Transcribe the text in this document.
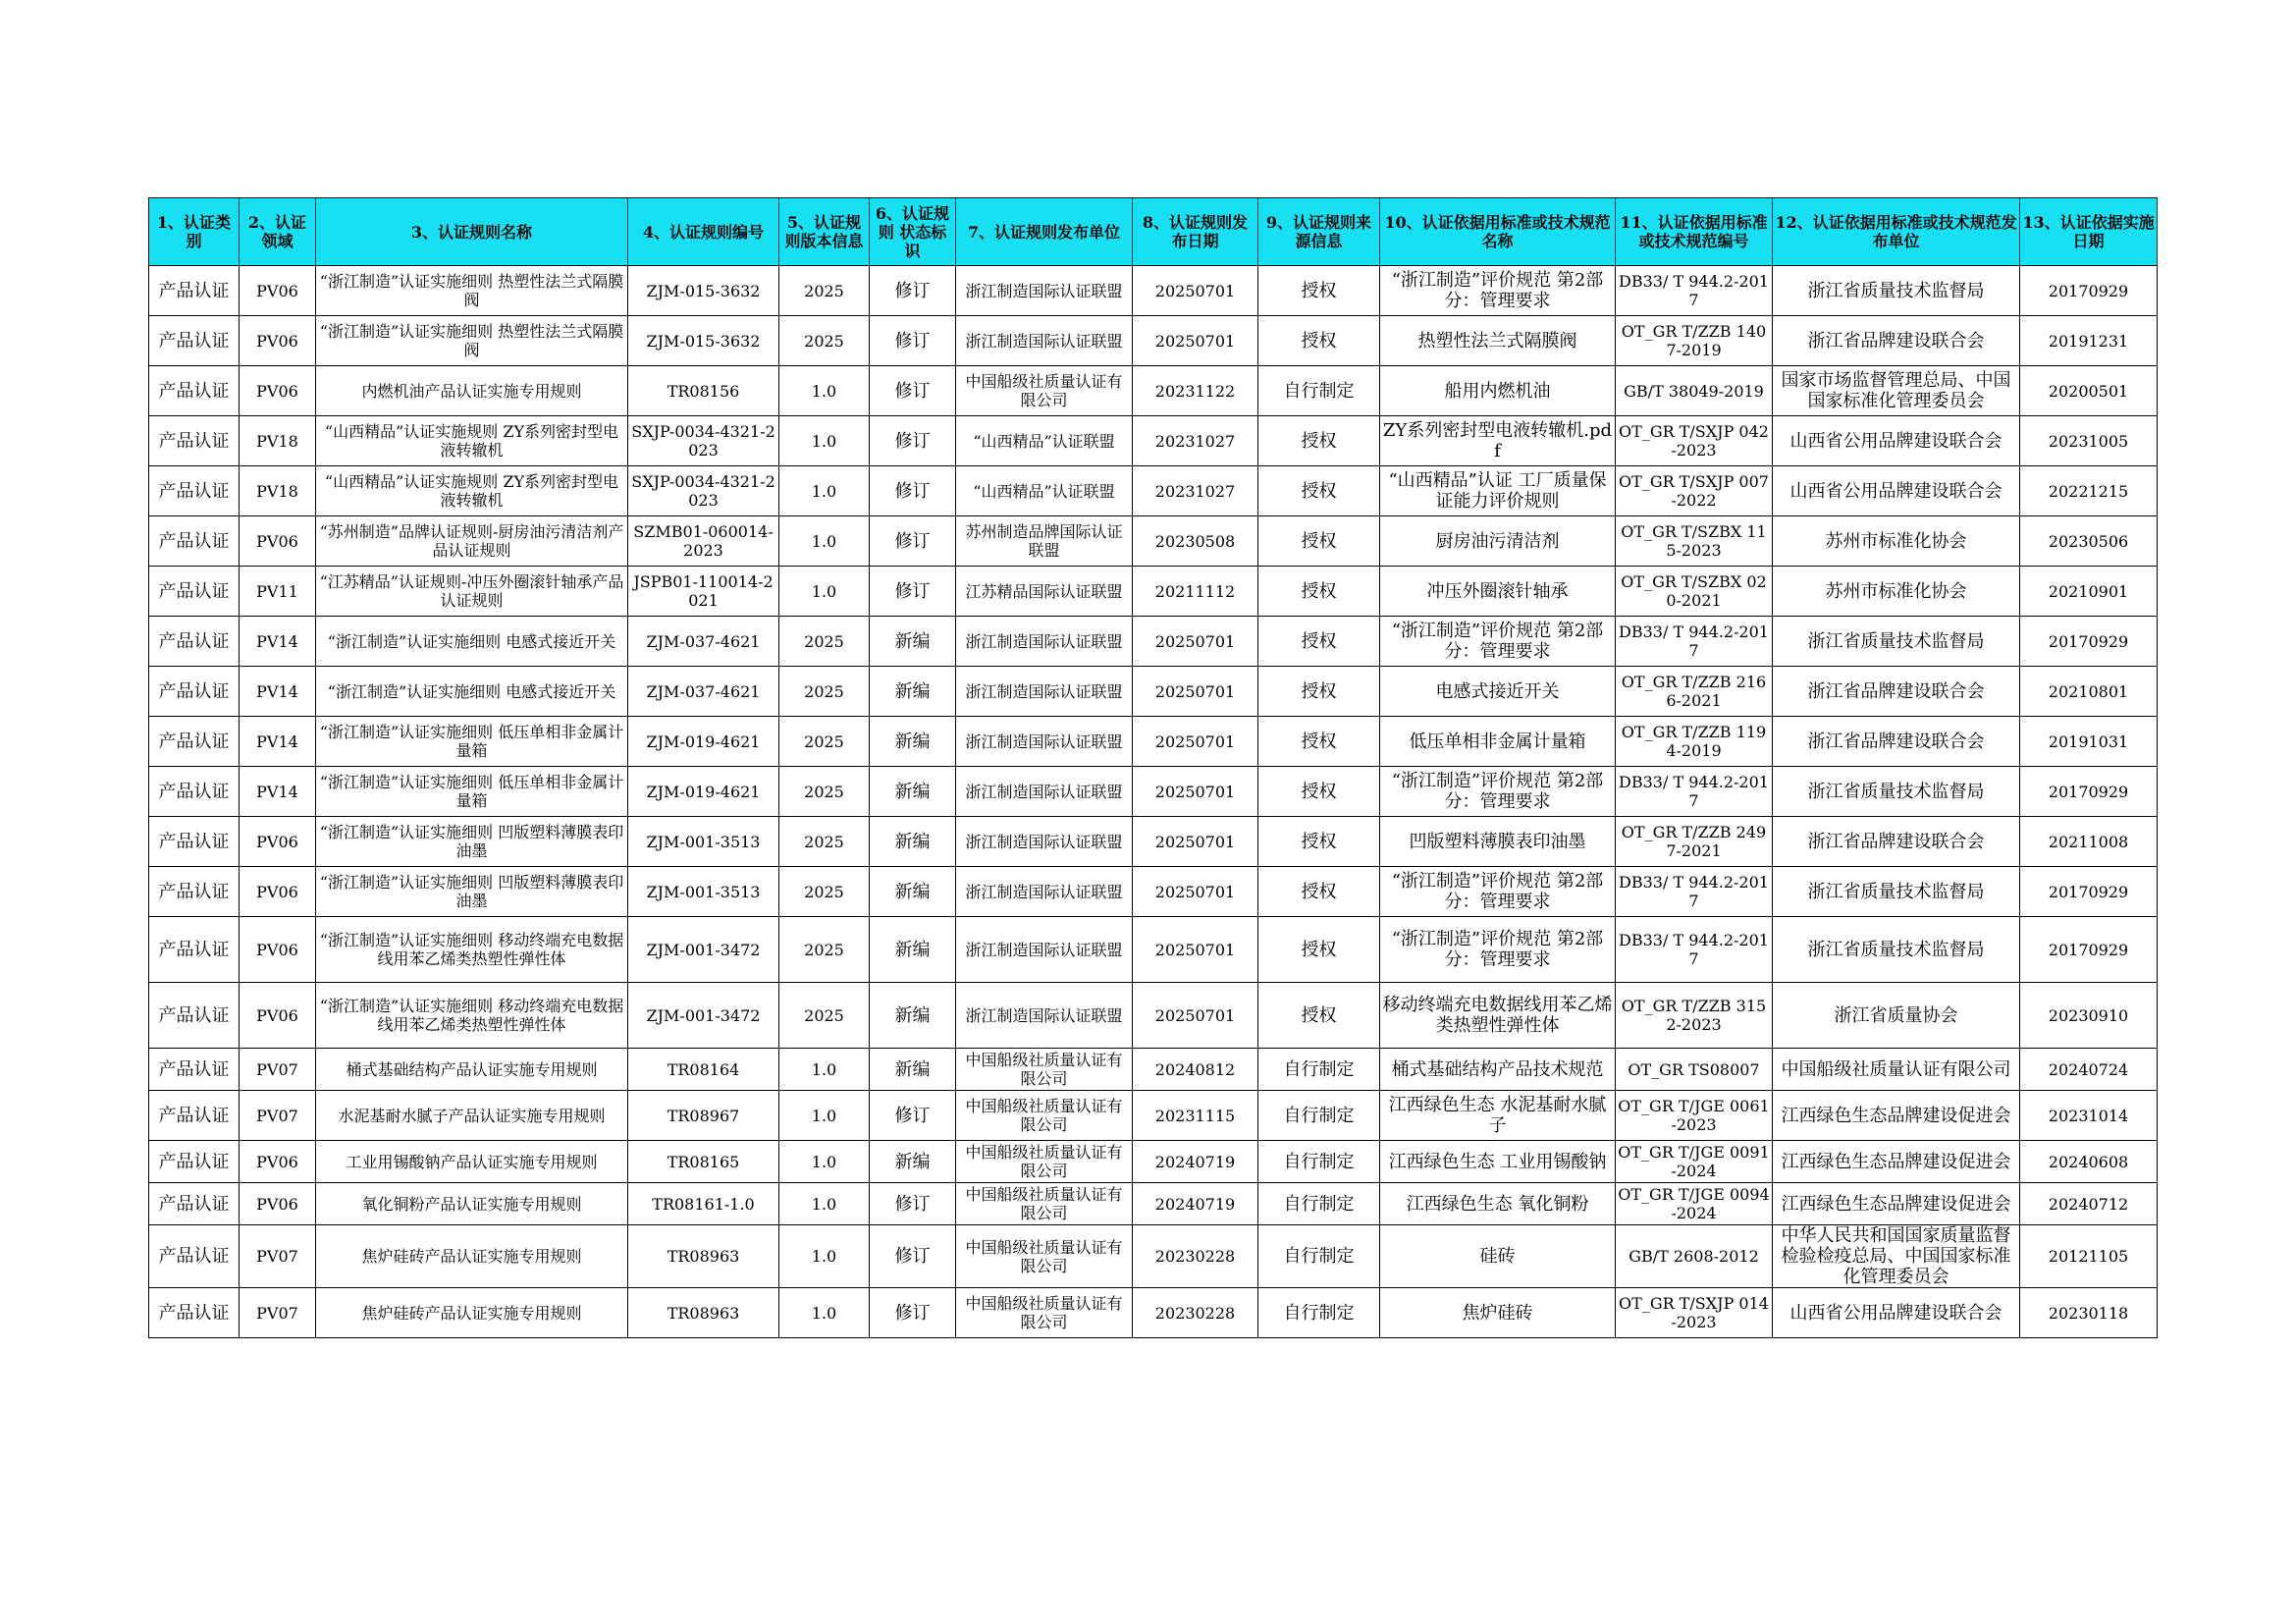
1、认证类别	2、认证领域	3、认证规则名称	4、认证规则编号	5、认证规则版本信息	6、认证规则 状态标识	7、认证规则发布单位	8、认证规则发布日期	9、认证规则来源信息	10、认证依据用标准或技术规范名称	11、认证依据用标准或技术规范编号	12、认证依据用标准或技术规范发布单位	13、认证依据实施日期
产品认证	PV06	“浙江制造”认证实施细则 热塑性法兰式隔膜阀	ZJM-015-3632	2025	修订	浙江制造国际认证联盟	20250701	授权	“浙江制造”评价规范 第2部分：管理要求	DB33/ T 944.2-2017	浙江省质量技术监督局	20170929
产品认证	PV06	“浙江制造”认证实施细则 热塑性法兰式隔膜阀	ZJM-015-3632	2025	修订	浙江制造国际认证联盟	20250701	授权	热塑性法兰式隔膜阀	OT_GR T/ZZB 1407-2019	浙江省品牌建设联合会	20191231
产品认证	PV06	内燃机油产品认证实施专用规则	TR08156	1.0	修订	中国船级社质量认证有限公司	20231122	自行制定	船用内燃机油	GB/T 38049-2019	国家市场监督管理总局、中国国家标准化管理委员会	20200501
产品认证	PV18	“山西精品”认证实施规则 ZY系列密封型电液转辙机	SXJP-0034-4321-2023	1.0	修订	“山西精品”认证联盟	20231027	授权	ZY系列密封型电液转辙机.pdf	OT_GR T/SXJP 042-2023	山西省公用品牌建设联合会	20231005
产品认证	PV18	“山西精品”认证实施规则 ZY系列密封型电液转辙机	SXJP-0034-4321-2023	1.0	修订	“山西精品”认证联盟	20231027	授权	“山西精品”认证 工厂质量保证能力评价规则	OT_GR T/SXJP 007-2022	山西省公用品牌建设联合会	20221215
产品认证	PV06	“苏州制造”品牌认证规则-厨房油污清洁剂产品认证规则	SZMB01-060014-2023	1.0	修订	苏州制造品牌国际认证联盟	20230508	授权	厨房油污清洁剂	OT_GR T/SZBX 115-2023	苏州市标准化协会	20230506
产品认证	PV11	“江苏精品”认证规则-冲压外圈滚针轴承产品认证规则	JSPB01-110014-2021	1.0	修订	江苏精品国际认证联盟	20211112	授权	冲压外圈滚针轴承	OT_GR T/SZBX 020-2021	苏州市标准化协会	20210901
产品认证	PV14	“浙江制造”认证实施细则 电感式接近开关	ZJM-037-4621	2025	新编	浙江制造国际认证联盟	20250701	授权	“浙江制造”评价规范 第2部分：管理要求	DB33/ T 944.2-2017	浙江省质量技术监督局	20170929
产品认证	PV14	“浙江制造”认证实施细则 电感式接近开关	ZJM-037-4621	2025	新编	浙江制造国际认证联盟	20250701	授权	电感式接近开关	OT_GR T/ZZB 2166-2021	浙江省品牌建设联合会	20210801
产品认证	PV14	“浙江制造”认证实施细则 低压单相非金属计量箱	ZJM-019-4621	2025	新编	浙江制造国际认证联盟	20250701	授权	低压单相非金属计量箱	OT_GR T/ZZB 1194-2019	浙江省品牌建设联合会	20191031
产品认证	PV14	“浙江制造”认证实施细则 低压单相非金属计量箱	ZJM-019-4621	2025	新编	浙江制造国际认证联盟	20250701	授权	“浙江制造”评价规范 第2部分：管理要求	DB33/ T 944.2-2017	浙江省质量技术监督局	20170929
产品认证	PV06	“浙江制造”认证实施细则 凹版塑料薄膜表印油墨	ZJM-001-3513	2025	新编	浙江制造国际认证联盟	20250701	授权	凹版塑料薄膜表印油墨	OT_GR T/ZZB 2497-2021	浙江省品牌建设联合会	20211008
产品认证	PV06	“浙江制造”认证实施细则 凹版塑料薄膜表印油墨	ZJM-001-3513	2025	新编	浙江制造国际认证联盟	20250701	授权	“浙江制造”评价规范 第2部分：管理要求	DB33/ T 944.2-2017	浙江省质量技术监督局	20170929
产品认证	PV06	“浙江制造”认证实施细则 移动终端充电数据线用苯乙烯类热塑性弹性体	ZJM-001-3472	2025	新编	浙江制造国际认证联盟	20250701	授权	“浙江制造”评价规范 第2部分：管理要求	DB33/ T 944.2-2017	浙江省质量技术监督局	20170929
产品认证	PV06	“浙江制造”认证实施细则 移动终端充电数据线用苯乙烯类热塑性弹性体	ZJM-001-3472	2025	新编	浙江制造国际认证联盟	20250701	授权	移动终端充电数据线用苯乙烯类热塑性弹性体	OT_GR T/ZZB 3152-2023	浙江省质量协会	20230910
产品认证	PV07	桶式基础结构产品认证实施专用规则	TR08164	1.0	新编	中国船级社质量认证有限公司	20240812	自行制定	桶式基础结构产品技术规范	OT_GR TS08007	中国船级社质量认证有限公司	20240724
产品认证	PV07	水泥基耐水腻子产品认证实施专用规则	TR08967	1.0	修订	中国船级社质量认证有限公司	20231115	自行制定	江西绿色生态 水泥基耐水腻子	OT_GR T/JGE 0061-2023	江西绿色生态品牌建设促进会	20231014
产品认证	PV06	工业用锡酸钠产品认证实施专用规则	TR08165	1.0	新编	中国船级社质量认证有限公司	20240719	自行制定	江西绿色生态 工业用锡酸钠	OT_GR T/JGE 0091-2024	江西绿色生态品牌建设促进会	20240608
产品认证	PV06	氧化铜粉产品认证实施专用规则	TR08161-1.0	1.0	修订	中国船级社质量认证有限公司	20240719	自行制定	江西绿色生态 氧化铜粉	OT_GR T/JGE 0094-2024	江西绿色生态品牌建设促进会	20240712
产品认证	PV07	焦炉硅砖产品认证实施专用规则	TR08963	1.0	修订	中国船级社质量认证有限公司	20230228	自行制定	硅砖	GB/T 2608-2012	中华人民共和国国家质量监督检验检疫总局、中国国家标准化管理委员会	20121105
产品认证	PV07	焦炉硅砖产品认证实施专用规则	TR08963	1.0	修订	中国船级社质量认证有限公司	20230228	自行制定	焦炉硅砖	OT_GR T/SXJP 014-2023	山西省公用品牌建设联合会	20230118
